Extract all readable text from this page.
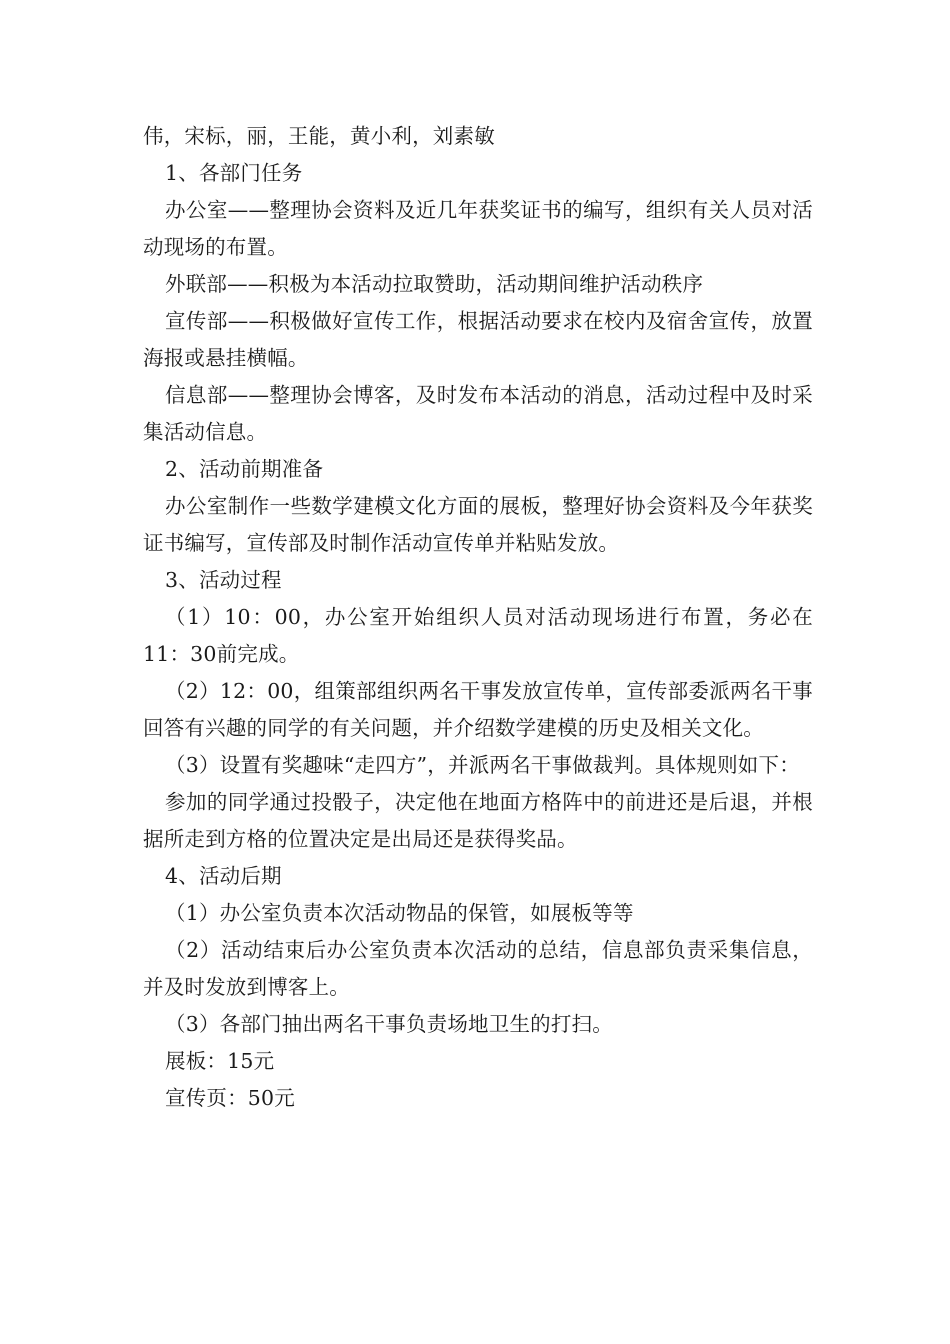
伟，宋标，丽，王能，黄小利，刘素敏

1、各部门任务

办公室——整理协会资料及近几年获奖证书的编写，组织有关人员对活动现场的布置。

外联部——积极为本活动拉取赞助，活动期间维护活动秩序

宣传部——积极做好宣传工作，根据活动要求在校内及宿舍宣传，放置海报或悬挂横幅。

信息部——整理协会博客，及时发布本活动的消息，活动过程中及时采集活动信息。

2、活动前期准备

办公室制作一些数学建模文化方面的展板，整理好协会资料及今年获奖证书编写，宣传部及时制作活动宣传单并粘贴发放。

3、活动过程

（1）10：00，办公室开始组织人员对活动现场进行布置，务必在11：30前完成。

（2）12：00，组策部组织两名干事发放宣传单，宣传部委派两名干事回答有兴趣的同学的有关问题，并介绍数学建模的历史及相关文化。

（3）设置有奖趣味“走四方”，并派两名干事做裁判。具体规则如下：

参加的同学通过投骰子，决定他在地面方格阵中的前进还是后退，并根据所走到方格的位置决定是出局还是获得奖品。

4、活动后期

（1）办公室负责本次活动物品的保管，如展板等等

（2）活动结束后办公室负责本次活动的总结，信息部负责采集信息，并及时发放到博客上。

（3）各部门抽出两名干事负责场地卫生的打扫。

展板：15元

宣传页：50元
